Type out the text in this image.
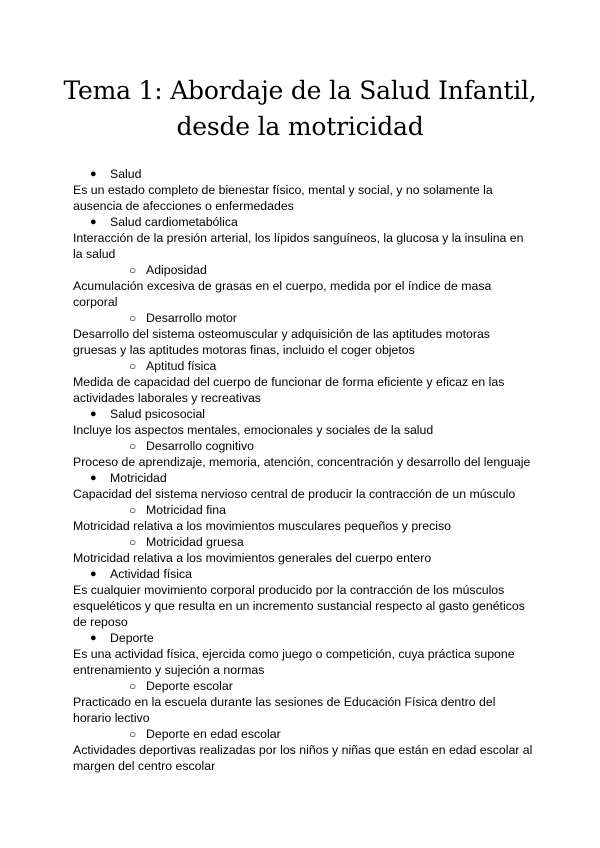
Tema 1: Abordaje de la Salud Infantil,
desde la motricidad
● Salud

Es un estado completo de bienestar físico, mental y social, y no solamente la ausencia de afecciones o enfermedades

● Salud cardiometabólica

Interacción de la presión arterial, los lípidos sanguíneos, la glucosa y la insulina en la salud

○ Adiposidad

Acumulación excesiva de grasas en el cuerpo, medida por el índice de masa corporal

○ Desarrollo motor

Desarrollo del sistema osteomuscular y adquisición de las aptitudes motoras gruesas y las aptitudes motoras finas, incluido el coger objetos

○ Aptitud física

Medida de capacidad del cuerpo de funcionar de forma eficiente y eficaz en las actividades laborales y recreativas

● Salud psicosocial

Incluye los aspectos mentales, emocionales y sociales de la salud

○ Desarrollo cognitivo

Proceso de aprendizaje, memoria, atención, concentración y desarrollo del lenguaje

● Motricidad

Capacidad del sistema nervioso central de producir la contracción de un músculo

○ Motricidad fina

Motricidad relativa a los movimientos musculares pequeños y preciso

○ Motricidad gruesa

Motricidad relativa a los movimientos generales del cuerpo entero

● Actividad física

Es cualquier movimiento corporal producido por la contracción de los músculos esqueléticos y que resulta en un incremento sustancial respecto al gasto genéticos de reposo

● Deporte

Es una actividad física, ejercida como juego o competición, cuya práctica supone entrenamiento y sujeción a normas

○ Deporte escolar

Practicado en la escuela durante las sesiones de Educación Física dentro del horario lectivo

○ Deporte en edad escolar

Actividades deportivas realizadas por los niños y niñas que están en edad escolar al margen del centro escolar
